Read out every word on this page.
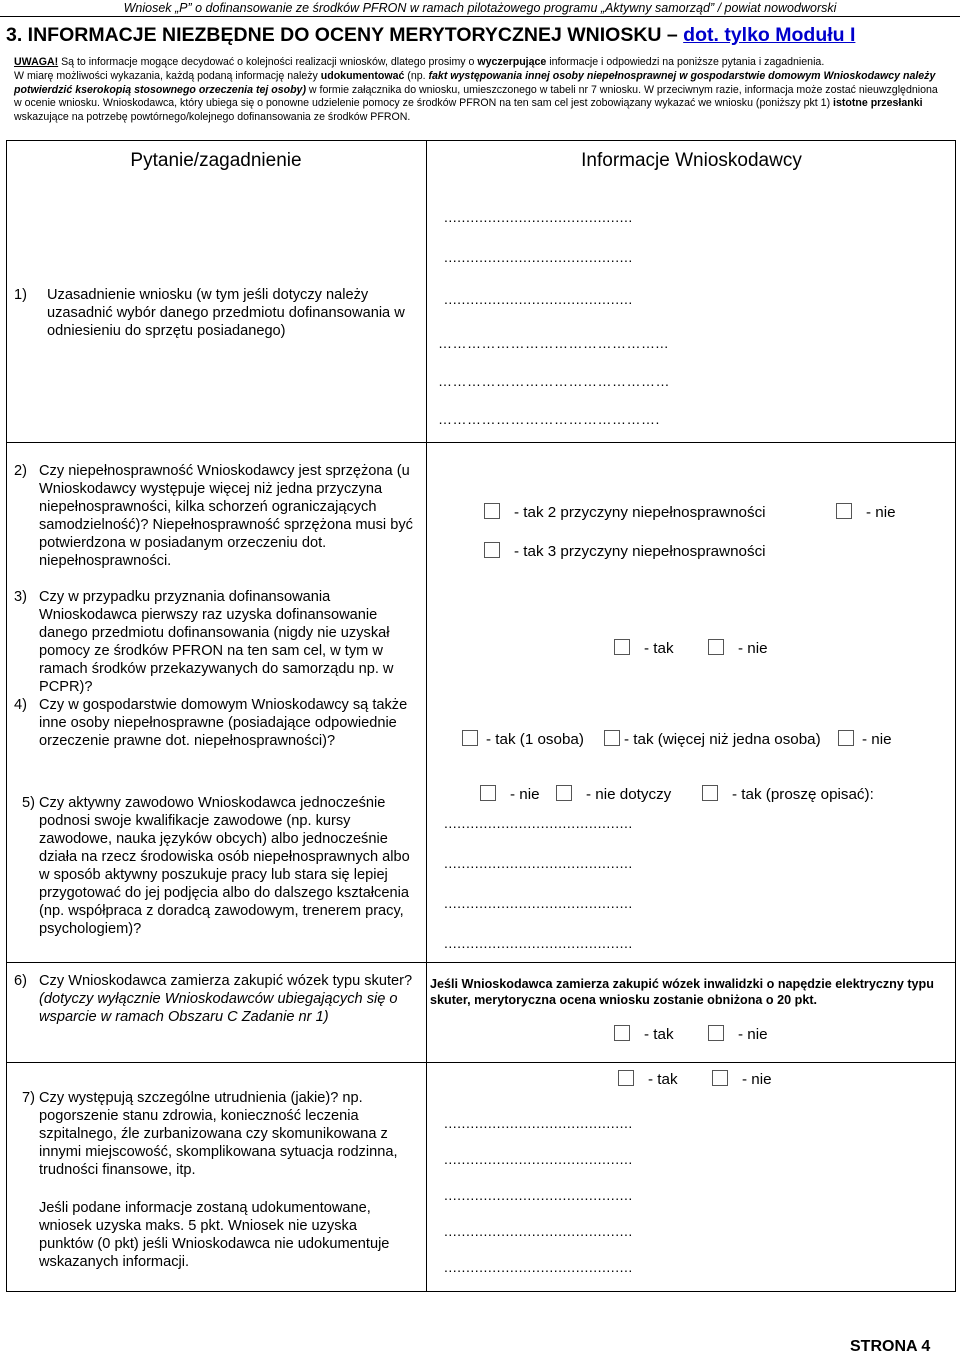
Wniosek „P” o dofinansowanie ze środków PFRON w ramach pilotażowego programu „Aktywny samorząd” / powiat nowodworski
3. INFORMACJE NIEZBĘDNE DO OCENY MERYTORYCZNEJ WNIOSKU – dot. tylko Modułu I
UWAGA! Są to informacje mogące decydować o kolejności realizacji wniosków, dlatego prosimy o wyczerpujące informacje i odpowiedzi na poniższe pytania i zagadnienia.
W miarę możliwości wykazania, każdą podaną informację należy udokumentować (np. fakt występowania innej osoby niepełnosprawnej w gospodarstwie domowym Wnioskodawcy należy potwierdzić kserokopią stosownego orzeczenia tej osoby) w formie załącznika do wniosku, umieszczonego w tabeli nr 7 wniosku. W przeciwnym razie, informacja może zostać nieuwzględniona w ocenie wniosku. Wnioskodawca, który ubiega się o ponowne udzielenie pomocy ze środków PFRON na ten sam cel jest zobowiązany wykazać we wniosku (poniższy pkt 1) istotne przesłanki wskazujące na potrzebę powtórnego/kolejnego dofinansowania ze środków PFRON.
Pytanie/zagadnienie	Informacje Wnioskodawcy
1)	Uzasadnienie wniosku (w tym jeśli dotyczy należy uzasadnić wybór danego przedmiotu dofinansowania w odniesieniu do sprzętu posiadanego)
...........................................
...........................................
...........................................
………………………………………...
…………………………………………
……………………………………….
2) Czy niepełnosprawność Wnioskodawcy jest sprzężona (u Wnioskodawcy występuje więcej niż jedna przyczyna niepełnosprawności, kilka schorzeń ograniczających samodzielność)? Niepełnosprawność sprzężona musi być potwierdzona w posiadanym orzeczeniu dot. niepełnosprawności.
- tak 2 przyczyny niepełnosprawności	- nie
- tak 3 przyczyny niepełnosprawności
3) Czy w przypadku przyznania dofinansowania Wnioskodawca pierwszy raz uzyska dofinansowanie danego przedmiotu dofinansowania (nigdy nie uzyskał pomocy ze środków PFRON na ten sam cel, w tym w ramach środków przekazywanych do samorządu np. w PCPR)?
- tak	- nie
4) Czy w gospodarstwie domowym Wnioskodawcy są także inne osoby niepełnosprawne (posiadające odpowiednie orzeczenie prawne dot. niepełnosprawności)?	- tak (1 osoba)	- tak (więcej niż jedna osoba)	- nie
5) Czy aktywny zawodowo Wnioskodawca jednocześnie podnosi swoje kwalifikacje zawodowe (np. kursy zawodowe, nauka języków obcych) albo jednocześnie działa na rzecz środowiska osób niepełnosprawnych albo w sposób aktywny poszukuje pracy lub stara się lepiej przygotować do jej podjęcia albo do dalszego kształcenia (np. współpraca z doradcą zawodowym, trenerem pracy, psychologiem)?
- nie	- nie dotyczy	- tak (proszę opisać):
...........................................
...........................................
...........................................
...........................................
6) Czy Wnioskodawca zamierza zakupić wózek typu skuter?
(dotyczy wyłącznie Wnioskodawców ubiegających się o wsparcie w ramach Obszaru C Zadanie nr 1)
Jeśli Wnioskodawca zamierza zakupić wózek inwalidzki o napędzie elektryczny typu skuter, merytoryczna ocena wniosku zostanie obniżona o 20 pkt.
- tak	- nie
7) Czy występują szczególne utrudnienia (jakie)? np. pogorszenie stanu zdrowia, konieczność leczenia szpitalnego, źle zurbanizowana czy skomunikowana z innymi miejscowość, skomplikowana sytuacja rodzinna, trudności finansowe, itp.
Jeśli podane informacje zostaną udokumentowane, wniosek uzyska maks. 5 pkt. Wniosek nie uzyska punktów (0 pkt) jeśli Wnioskodawca nie udokumentuje wskazanych informacji.
- tak	- nie
...........................................
...........................................
...........................................
...........................................
...........................................
STRONA 4
